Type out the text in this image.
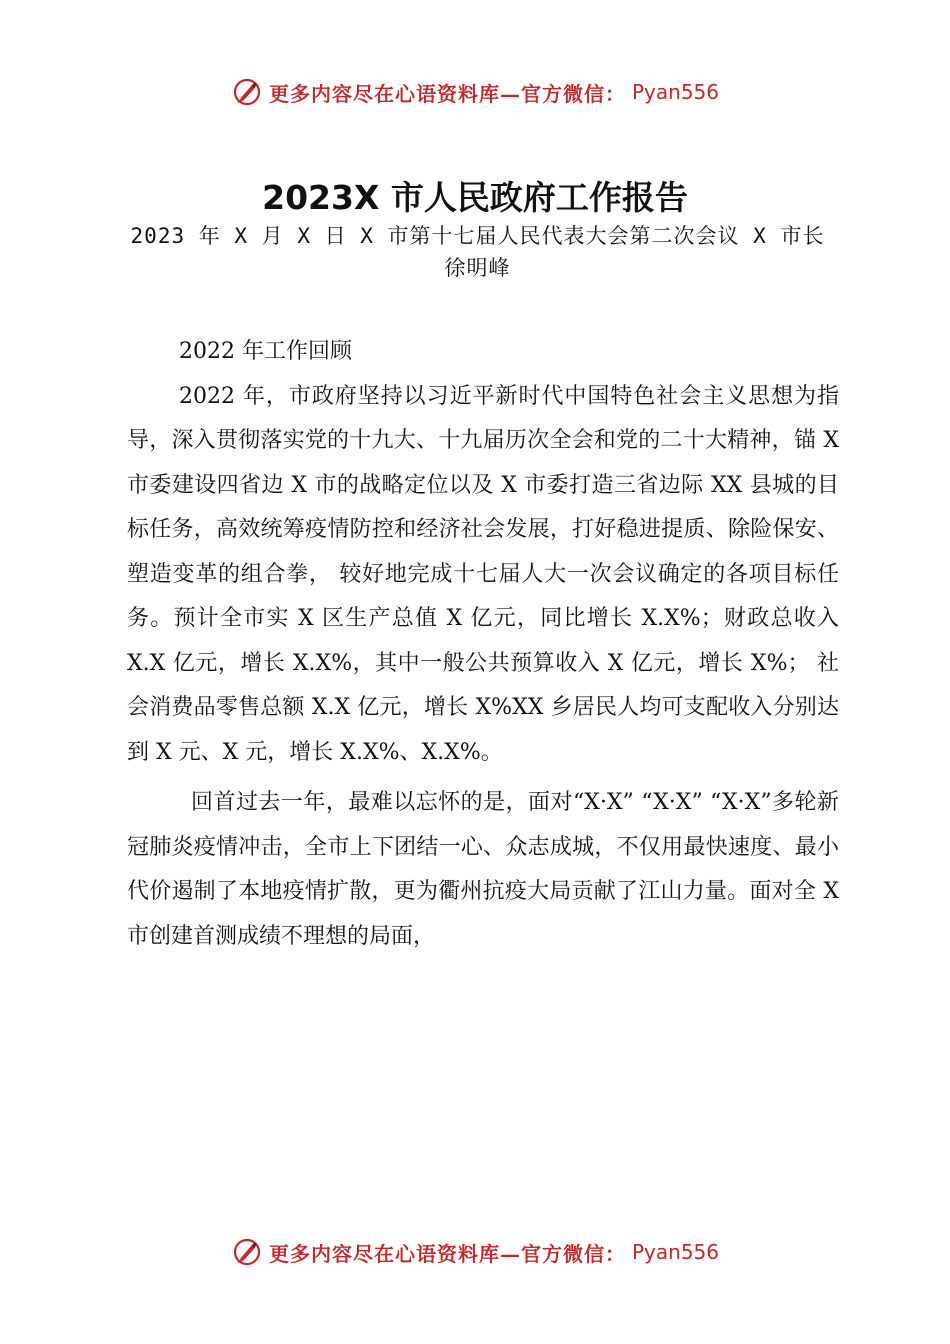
更多内容尽在心语资料库—官方微信： Pyan556
2023X 市人民政府工作报告

2023 年 X 月 X 日 X 市第十七届人民代表大会第二次会议 X 市长徐明峰

2022 年工作回顾

2022 年，市政府坚持以习近平新时代中国特色社会主义思想为指导，深入贯彻落实党的十九大、十九届历次全会和党的二十大精神，锚 X 市委建设四省边 X 市的战略定位以及 X 市委打造三省边际 XX 县城的目标任务，高效统筹疫情防控和经济社会发展，打好稳进提质、除险保安、塑造变革的组合拳， 较好地完成十七届人大一次会议确定的各项目标任务。预计全市实 X 区生产总值 X 亿元，同比增长 X.X%；财政总收入 X.X 亿元，增长 X.X%，其中一般公共预算收入 X 亿元，增长 X%； 社会消费品零售总额 X.X 亿元，增长 X%XX 乡居民人均可支配收入分别达到 X 元、X 元，增长 X.X%、X.X%。

回首过去一年，最难以忘怀的是，面对“X·X” “X·X” “X·X”多轮新冠肺炎疫情冲击，全市上下团结一心、众志成城，不仅用最快速度、最小代价遏制了本地疫情扩散，更为衢州抗疫大局贡献了江山力量。面对全 X 市创建首测成绩不理想的局面，

更多内容尽在心语资料库—官方微信： Pyan556
